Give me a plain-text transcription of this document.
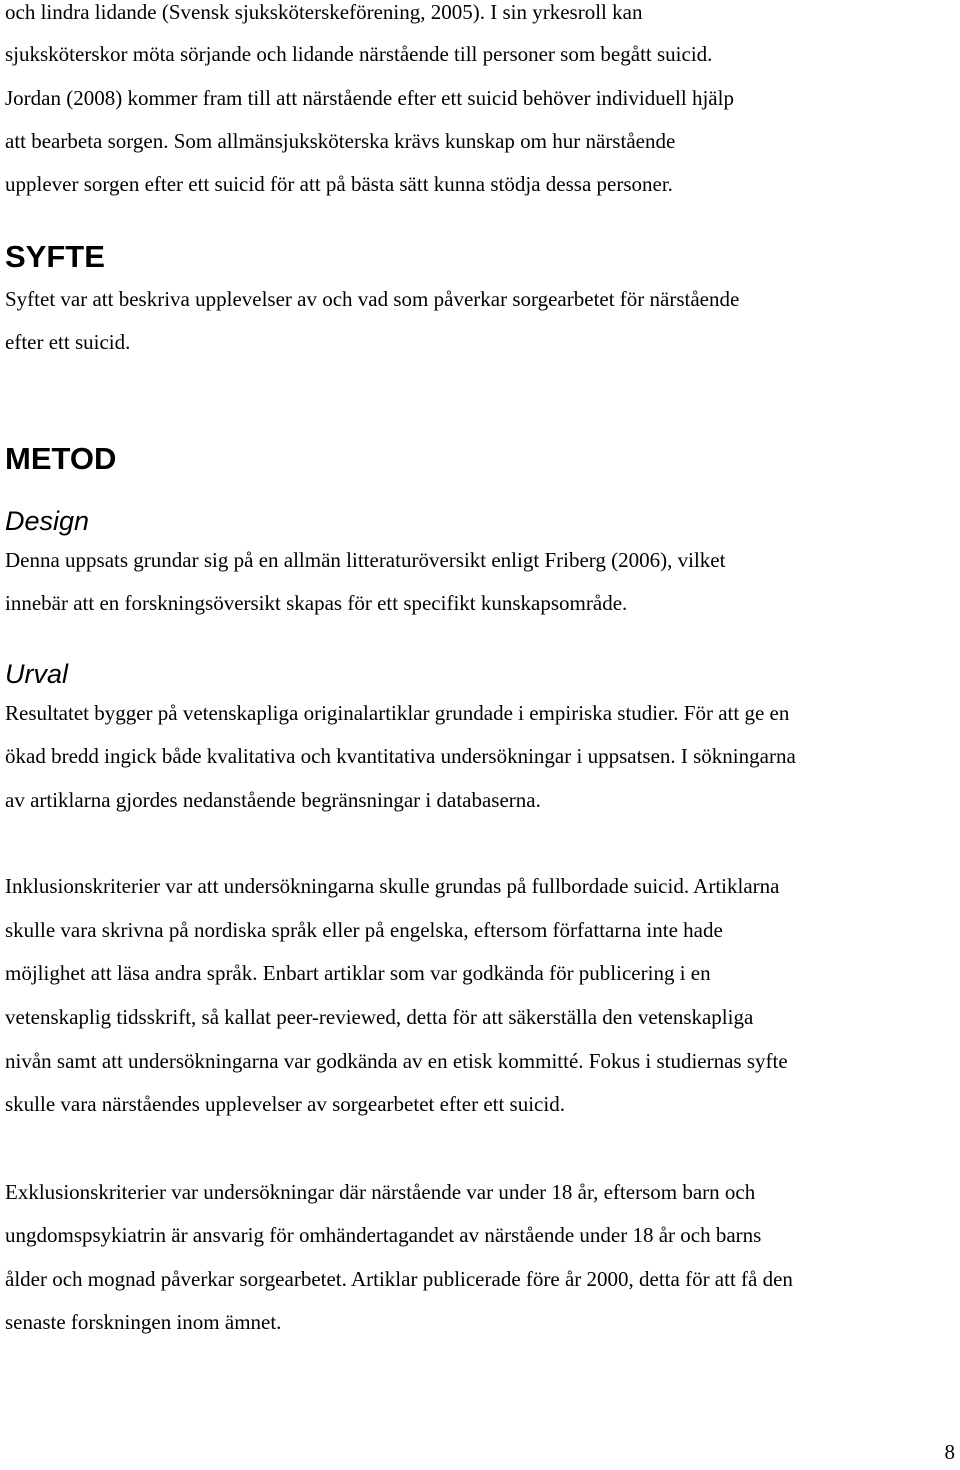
och lindra lidande (Svensk sjuksköterskeförening, 2005). I sin yrkesroll kan
sjuksköterskor möta sörjande och lidande närstående till personer som begått suicid.
Jordan (2008) kommer fram till att närstående efter ett suicid behöver individuell hjälp
att bearbeta sorgen. Som allmänsjuksköterska krävs kunskap om hur närstående
upplever sorgen efter ett suicid för att på bästa sätt kunna stödja dessa personer.
SYFTE
Syftet var att beskriva upplevelser av och vad som påverkar sorgearbetet för närstående
efter ett suicid.
METOD
Design
Denna uppsats grundar sig på en allmän litteraturöversikt enligt Friberg (2006), vilket
innebär att en forskningsöversikt skapas för ett specifikt kunskapsområde.
Urval
Resultatet bygger på vetenskapliga originalartiklar grundade i empiriska studier. För att ge en
ökad bredd ingick både kvalitativa och kvantitativa undersökningar i uppsatsen. I sökningarna
av artiklarna gjordes nedanstående begränsningar i databaserna.
Inklusionskriterier var att undersökningarna skulle grundas på fullbordade suicid. Artiklarna
skulle vara skrivna på nordiska språk eller på engelska, eftersom författarna inte hade
möjlighet att läsa andra språk. Enbart artiklar som var godkända för publicering i en
vetenskaplig tidsskrift, så kallat peer-reviewed, detta för att säkerställa den vetenskapliga
nivån samt att undersökningarna var godkända av en etisk kommitté. Fokus i studiernas syfte
skulle vara närståendes upplevelser av sorgearbetet efter ett suicid.
Exklusionskriterier var undersökningar där närstående var under 18 år, eftersom barn och
ungdomspsykiatrin är ansvarig för omhändertagandet av närstående under 18 år och barns
ålder och mognad påverkar sorgearbetet. Artiklar publicerade före år 2000, detta för att få den
senaste forskningen inom ämnet.
8
